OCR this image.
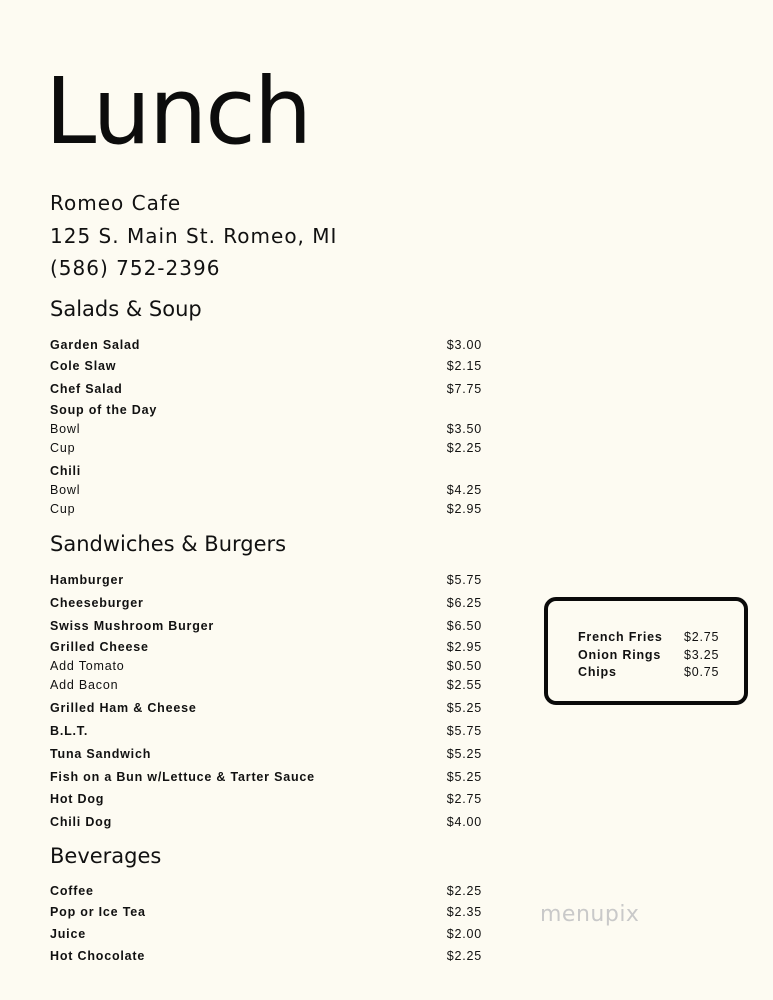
Lunch
Romeo Cafe
125 S. Main St. Romeo, MI
(586) 752-2396
Salads & Soup
Garden Salad	$3.00
Cole Slaw	$2.15
Chef Salad	$7.75
Soup of the Day
Bowl	$3.50
Cup	$2.25
Chili
Bowl	$4.25
Cup	$2.95
Sandwiches & Burgers
Hamburger	$5.75
Cheeseburger	$6.25
Swiss Mushroom Burger	$6.50
Grilled Cheese	$2.95
Add Tomato	$0.50
Add Bacon	$2.55
Grilled Ham & Cheese	$5.25
B.L.T.	$5.75
Tuna Sandwich	$5.25
Fish on a Bun w/Lettuce & Tarter Sauce	$5.25
Hot Dog	$2.75
Chili Dog	$4.00
Beverages
Coffee	$2.25
Pop or Ice Tea	$2.35
Juice	$2.00
Hot Chocolate	$2.25
French Fries $2.75
Onion Rings $3.25
Chips	$0.75
menupix
